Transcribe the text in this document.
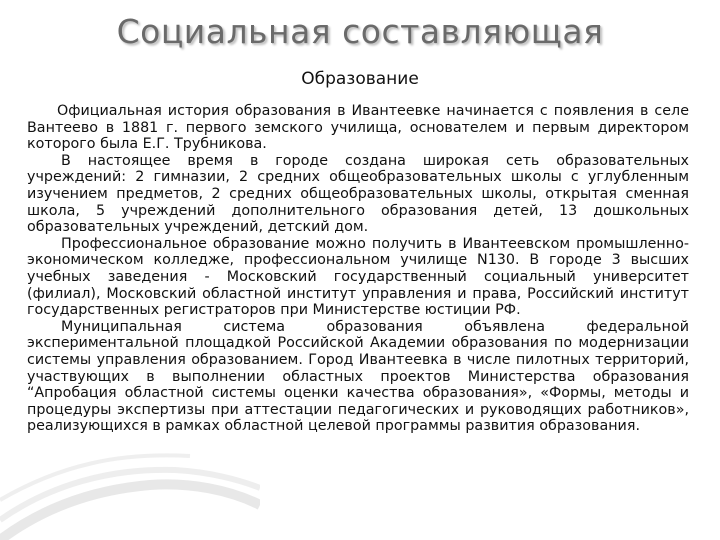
Социальная составляющая
Образование

Официальная история образования в Ивантеевке начинается с появления в селе Вантеево в 1881 г. первого земского училища, основателем и первым директором которого была Е.Г. Трубникова.

В настоящее время в городе создана широкая сеть образовательных учреждений: 2 гимназии, 2 средних общеобразовательных школы с углубленным изучением предметов, 2 средних общеобразовательных школы, открытая сменная школа, 5 учреждений дополнительного образования детей, 13 дошкольных образовательных учреждений, детский дом.

Профессиональное образование можно получить в Ивантеевском промышленно-экономическом колледже, профессиональном училище N130. В городе 3 высших учебных заведения - Московский государственный социальный университет (филиал), Московский областной институт управления и права, Российский институт государственных регистраторов при Министерстве юстиции РФ.

Муниципальная система образования объявлена федеральной экспериментальной площадкой Российской Академии образования по модернизации системы управления образованием. Город Ивантеевка в числе пилотных территорий, участвующих в выполнении областных проектов Министерства образования “Апробация областной системы оценки качества образования», «Формы, методы и процедуры экспертизы при аттестации педагогических и руководящих работников», реализующихся в рамках областной целевой программы развития образования.
